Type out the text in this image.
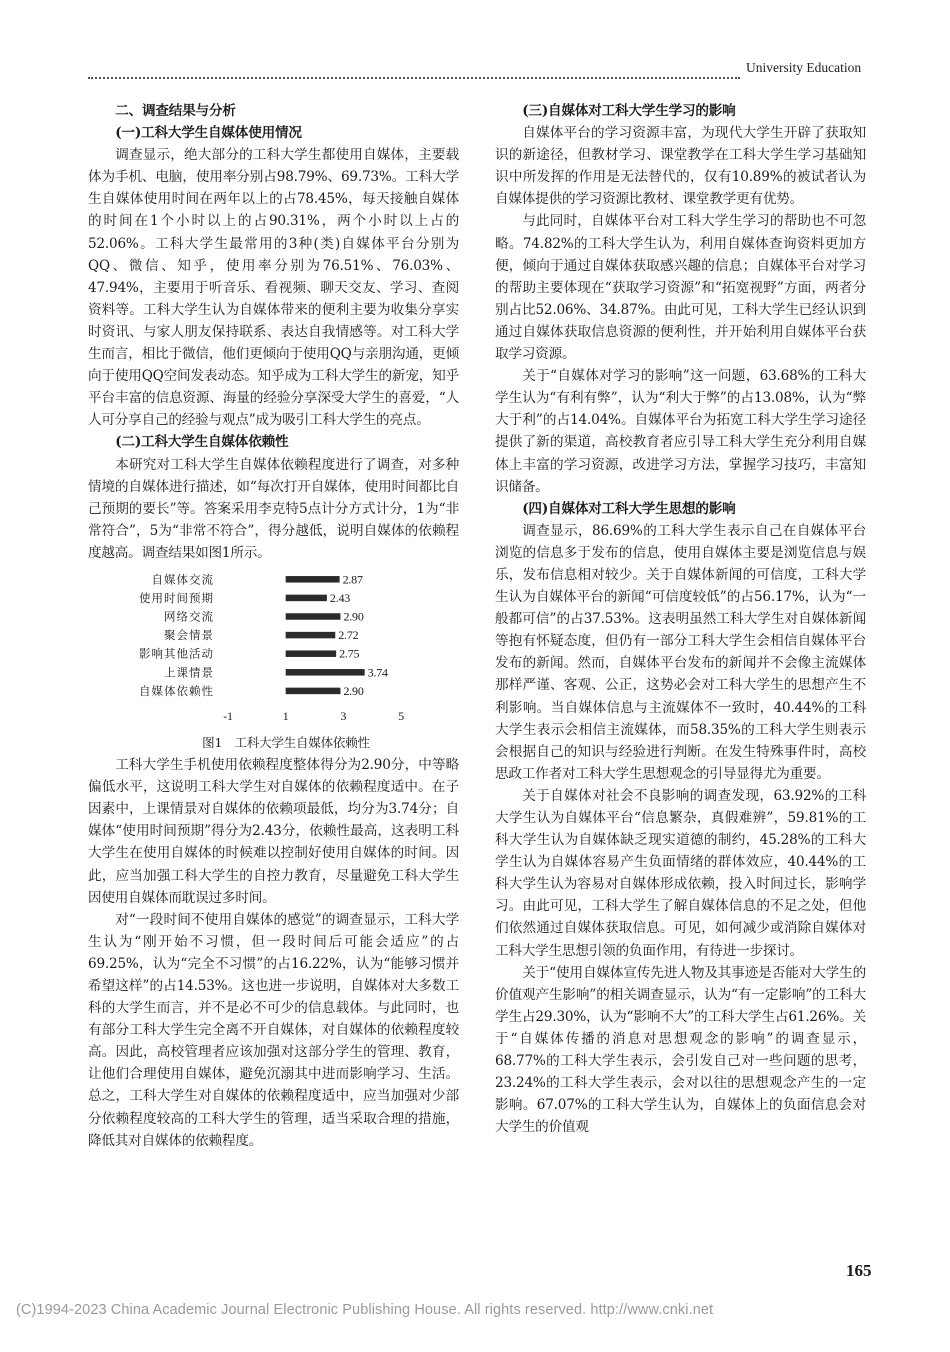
University Education
二、调查结果与分析
(一)工科大学生自媒体使用情况

调查显示，绝大部分的工科大学生都使用自媒体，主要载体为手机、电脑，使用率分别占98.79%、69.73%。工科大学生自媒体使用时间在两年以上的占78.45%，每天接触自媒体的时间在1个小时以上的占90.31%，两个小时以上占的52.06%。工科大学生最常用的3种(类)自媒体平台分别为QQ、微信、知乎，使用率分别为76.51%、76.03%、47.94%，主要用于听音乐、看视频、聊天交友、学习、查阅资料等。工科大学生认为自媒体带来的便利主要为收集分享实时资讯、与家人朋友保持联系、表达自我情感等。对工科大学生而言，相比于微信，他们更倾向于使用QQ与亲朋沟通，更倾向于使用QQ空间发表动态。知乎成为工科大学生的新宠，知乎平台丰富的信息资源、海量的经验分享深受大学生的喜爱，“人人可分享自己的经验与观点”成为吸引工科大学生的亮点。

(二)工科大学生自媒体依赖性

本研究对工科大学生自媒体依赖程度进行了调查，对多种情境的自媒体进行描述，如“每次打开自媒体，使用时间都比自己预期的要长”等。答案采用李克特5点计分方式计分，1为“非常符合”，5为“非常不符合”，得分越低，说明自媒体的依赖程度越高。调查结果如图1所示。

自媒体交流	2.87
使用时间预期	2.43
网络交流	2.90
聚会情景	2.72
影响其他活动	2.75
上课情景	3.74
自媒体依赖性	2.90
-1	1	3	5

图1　工科大学生自媒体依赖性

工科大学生手机使用依赖程度整体得分为2.90分，中等略偏低水平，这说明工科大学生对自媒体的依赖程度适中。在子因素中，上课情景对自媒体的依赖项最低，均分为3.74分；自媒体“使用时间预期”得分为2.43分，依赖性最高，这表明工科大学生在使用自媒体的时候难以控制好使用自媒体的时间。因此，应当加强工科大学生的自控力教育，尽量避免工科大学生因使用自媒体而耽误过多时间。

对“一段时间不使用自媒体的感觉”的调查显示，工科大学生认为“刚开始不习惯，但一段时间后可能会适应”的占69.25%，认为“完全不习惯”的占16.22%，认为“能够习惯并希望这样”的占14.53%。这也进一步说明，自媒体对大多数工科的大学生而言，并不是必不可少的信息载体。与此同时，也有部分工科大学生完全离不开自媒体，对自媒体的依赖程度较高。因此，高校管理者应该加强对这部分学生的管理、教育，让他们合理使用自媒体，避免沉溺其中进而影响学习、生活。总之，工科大学生对自媒体的依赖程度适中，应当加强对少部分依赖程度较高的工科大学生的管理，适当采取合理的措施，降低其对自媒体的依赖程度。

(三)自媒体对工科大学生学习的影响

自媒体平台的学习资源丰富，为现代大学生开辟了获取知识的新途径，但教材学习、课堂教学在工科大学生学习基础知识中所发挥的作用是无法替代的，仅有10.89%的被试者认为自媒体提供的学习资源比教材、课堂教学更有优势。

与此同时，自媒体平台对工科大学生学习的帮助也不可忽略。74.82%的工科大学生认为，利用自媒体查询资料更加方便，倾向于通过自媒体获取感兴趣的信息；自媒体平台对学习的帮助主要体现在“获取学习资源”和“拓宽视野”方面，两者分别占比52.06%、34.87%。由此可见，工科大学生已经认识到通过自媒体获取信息资源的便利性，并开始利用自媒体平台获取学习资源。

关于“自媒体对学习的影响”这一问题，63.68%的工科大学生认为“有利有弊”，认为“利大于弊”的占13.08%，认为“弊大于利”的占14.04%。自媒体平台为拓宽工科大学生学习途径提供了新的渠道，高校教育者应引导工科大学生充分利用自媒体上丰富的学习资源，改进学习方法，掌握学习技巧，丰富知识储备。

(四)自媒体对工科大学生思想的影响

调查显示，86.69%的工科大学生表示自己在自媒体平台浏览的信息多于发布的信息，使用自媒体主要是浏览信息与娱乐，发布信息相对较少。关于自媒体新闻的可信度，工科大学生认为自媒体平台的新闻“可信度较低”的占56.17%，认为“一般都可信”的占37.53%。这表明虽然工科大学生对自媒体新闻等抱有怀疑态度，但仍有一部分工科大学生会相信自媒体平台发布的新闻。然而，自媒体平台发布的新闻并不会像主流媒体那样严谨、客观、公正，这势必会对工科大学生的思想产生不利影响。当自媒体信息与主流媒体不一致时，40.44%的工科大学生表示会相信主流媒体，而58.35%的工科大学生则表示会根据自己的知识与经验进行判断。在发生特殊事件时，高校思政工作者对工科大学生思想观念的引导显得尤为重要。

关于自媒体对社会不良影响的调查发现，63.92%的工科大学生认为自媒体平台“信息繁杂，真假难辨”，59.81%的工科大学生认为自媒体缺乏现实道德的制约，45.28%的工科大学生认为自媒体容易产生负面情绪的群体效应，40.44%的工科大学生认为容易对自媒体形成依赖，投入时间过长，影响学习。由此可见，工科大学生了解自媒体信息的不足之处，但他们依然通过自媒体获取信息。可见，如何减少或消除自媒体对工科大学生思想引领的负面作用，有待进一步探讨。

关于“使用自媒体宣传先进人物及其事迹是否能对大学生的价值观产生影响”的相关调查显示，认为“有一定影响”的工科大学生占29.30%，认为“影响不大”的工科大学生占61.26%。关于“自媒体传播的消息对思想观念的影响”的调查显示，68.77%的工科大学生表示，会引发自己对一些问题的思考，23.24%的工科大学生表示，会对以往的思想观念产生的一定影响。67.07%的工科大学生认为，自媒体上的负面信息会对大学生的价值观

165
(C)1994-2023 China Academic Journal Electronic Publishing House. All rights reserved. http://www.cnki.net
